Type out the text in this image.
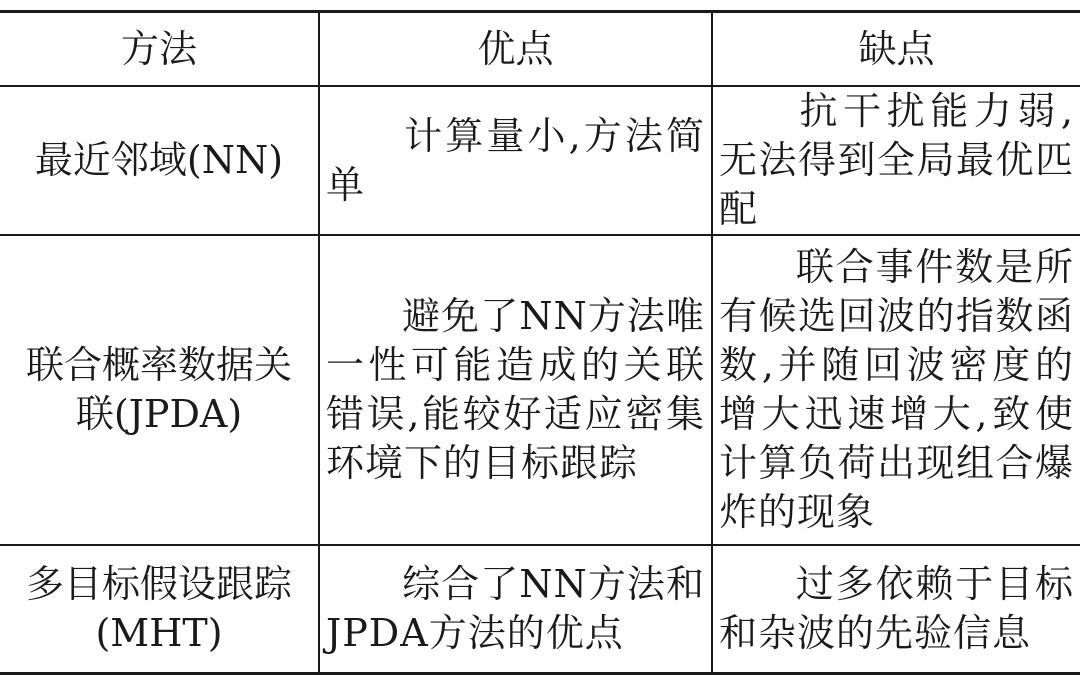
方法	优点	缺点
最近邻域(NN)	计算量小,方法简单	抗干扰能力弱,无法得到全局最优匹配
联合概率数据关联(JPDA)	避免了NN方法唯一性可能造成的关联错误,能较好适应密集环境下的目标跟踪	联合事件数是所有候选回波的指数函数,并随回波密度的增大迅速增大,致使计算负荷出现组合爆炸的现象
多目标假设跟踪(MHT)	综合了NN方法和JPDA方法的优点	过多依赖于目标和杂波的先验信息
